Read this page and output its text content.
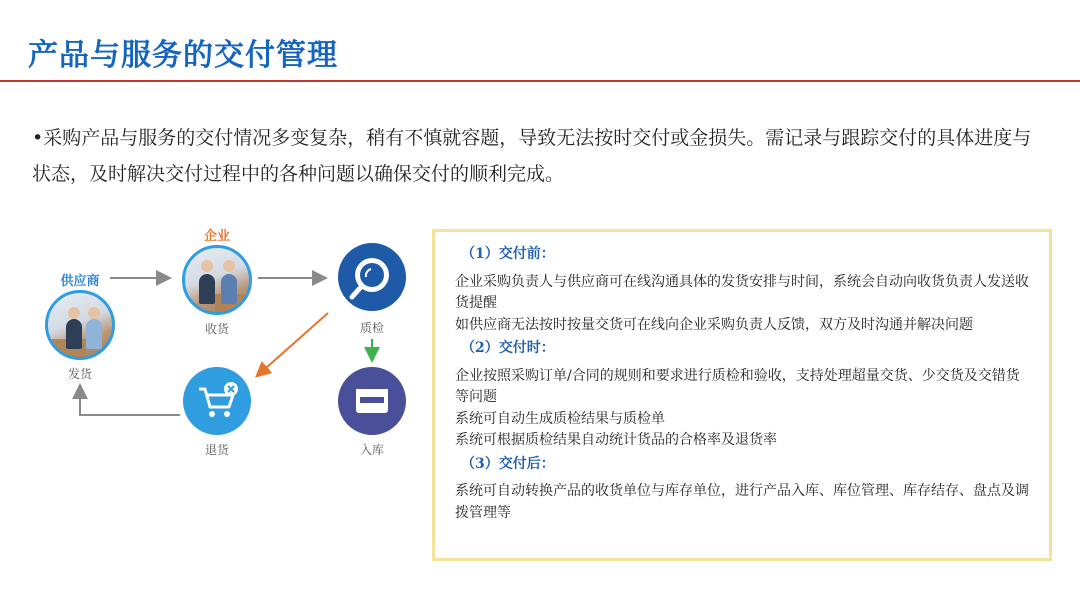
产品与服务的交付管理
•采购产品与服务的交付情况多变复杂，稍有不慎就容题，导致无法按时交付或金损失。需记录与跟踪交付的具体进度与状态，及时解决交付过程中的各种问题以确保交付的顺利完成。
供应商
发货
企业
收货	质检
入库
退货
（1）交付前：
企业采购负责人与供应商可在线沟通具体的发货安排与时间，系统会自动向收货负责人发送收货提醒
如供应商无法按时按量交货可在线向企业采购负责人反馈，双方及时沟通并解决问题
（2）交付时：
企业按照采购订单/合同的规则和要求进行质检和验收，支持处理超量交货、少交货及交错货等问题
系统可自动生成质检结果与质检单
系统可根据质检结果自动统计货品的合格率及退货率
（3）交付后：
系统可自动转换产品的收货单位与库存单位，进行产品入库、库位管理、库存结存、盘点及调拨管理等
